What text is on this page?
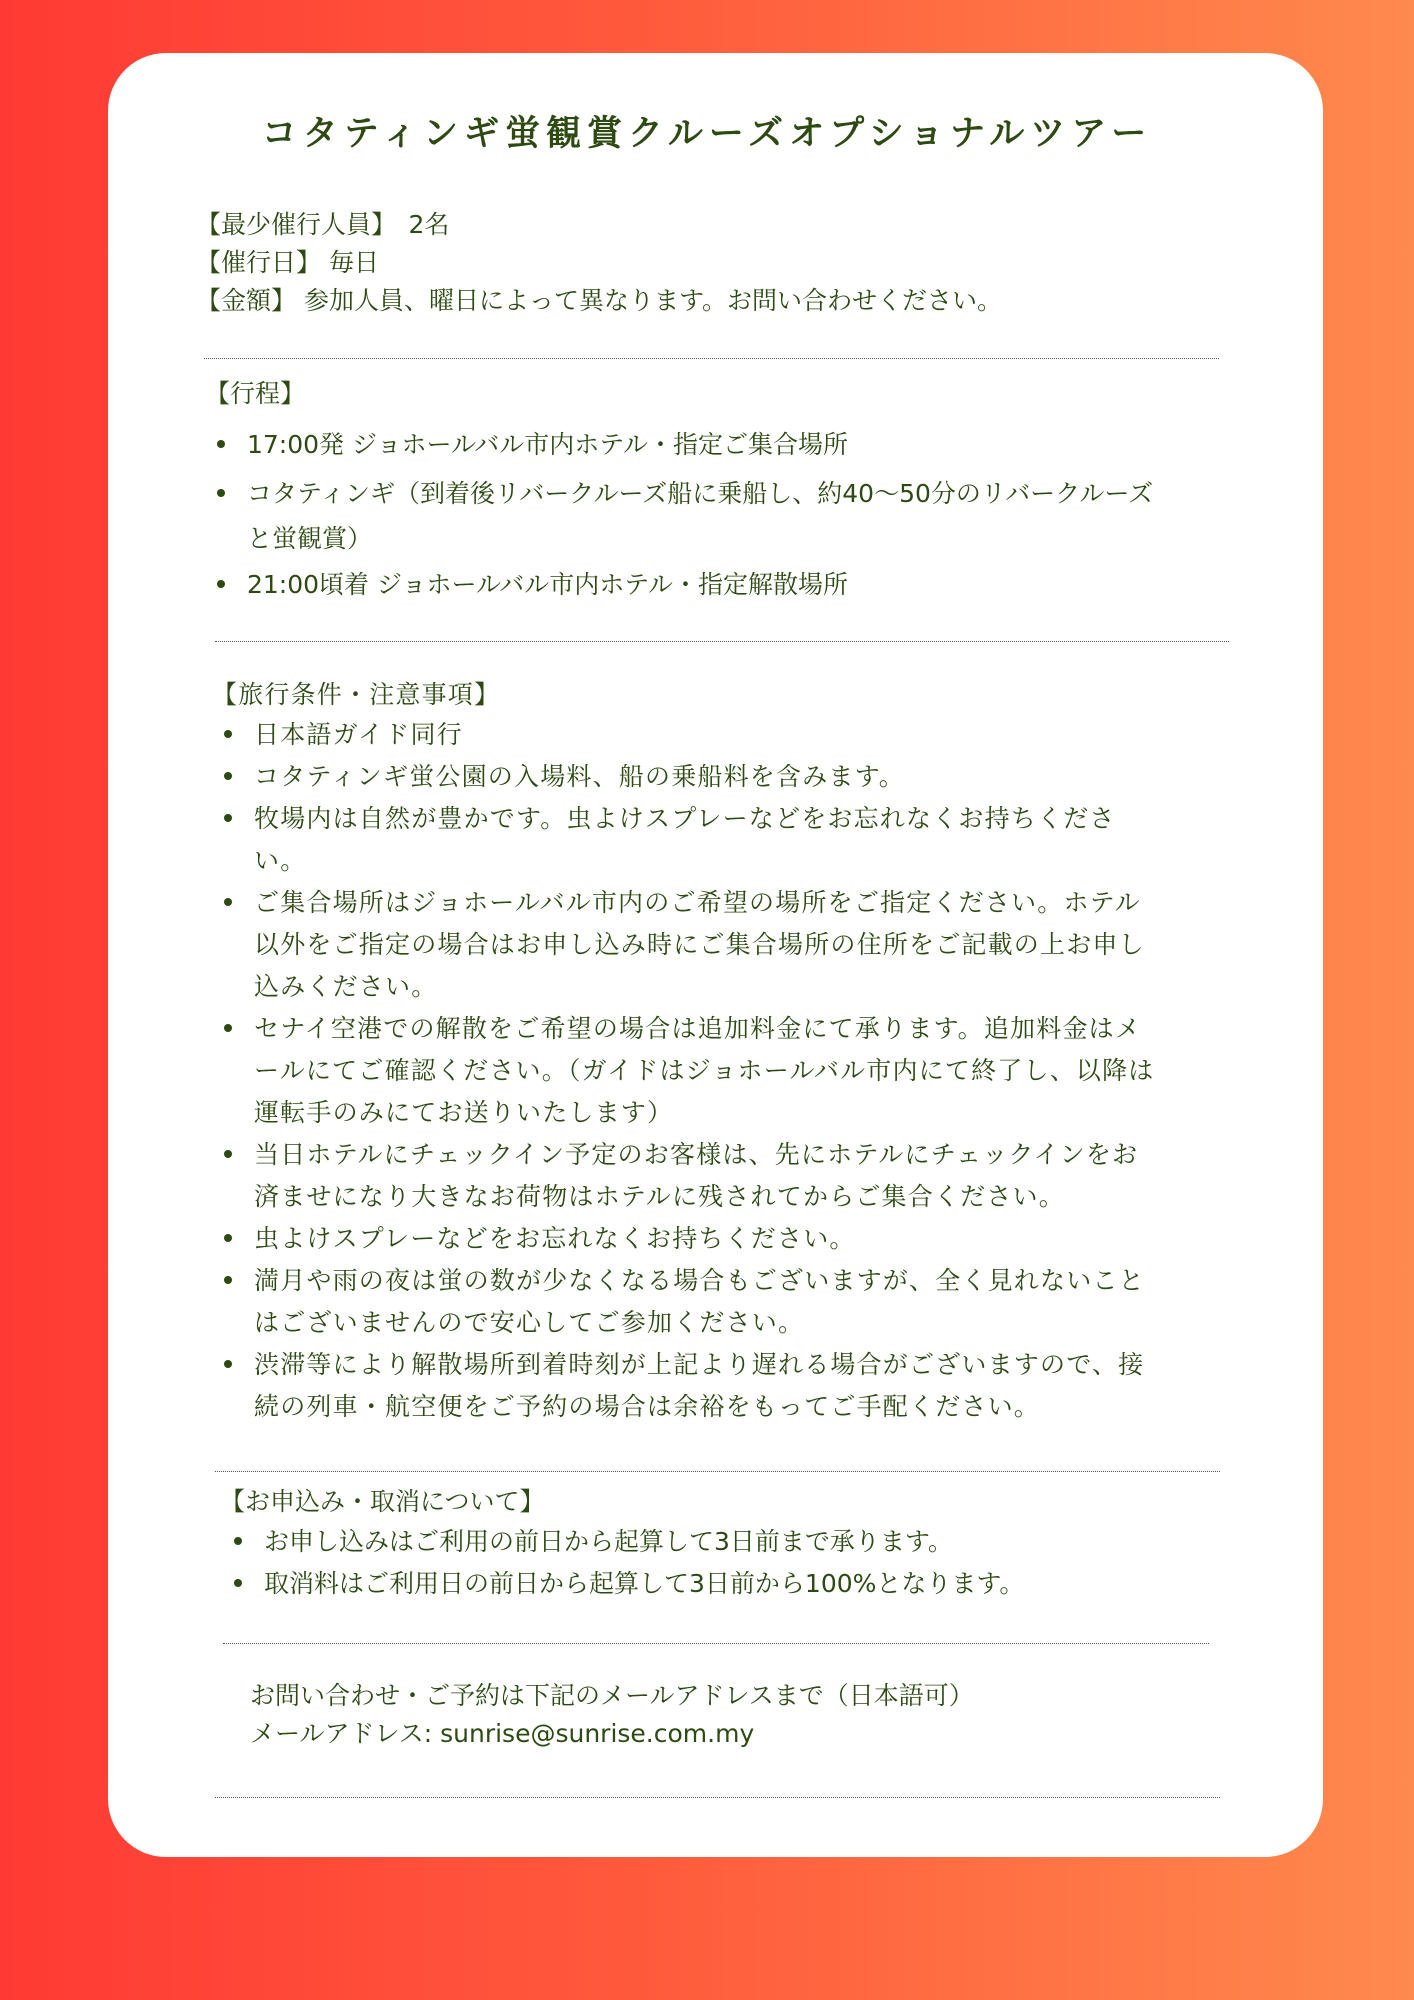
コタティンギ蛍観賞クルーズオプショナルツアー
【最少催行人員】　2名
【催行日】 毎日
【金額】 参加人員、曜日によって異なります。お問い合わせください。
【行程】
17:00発 ジョホールバル市内ホテル・指定ご集合場所
コタティンギ（到着後リバークルーズ船に乗船し、約40～50分のリバークルーズ
と蛍観賞）
21:00頃着 ジョホールバル市内ホテル・指定解散場所
【旅行条件・注意事項】
日本語ガイド同行
コタティンギ蛍公園の入場料、船の乗船料を含みます。
牧場内は自然が豊かです。虫よけスプレーなどをお忘れなくお持ちくださ
い。
ご集合場所はジョホールバル市内のご希望の場所をご指定ください。ホテル
以外をご指定の場合はお申し込み時にご集合場所の住所をご記載の上お申し
込みください。
セナイ空港での解散をご希望の場合は追加料金にて承ります。追加料金はメ
ールにてご確認ください。（ガイドはジョホールバル市内にて終了し、以降は
運転手のみにてお送りいたします）
当日ホテルにチェックイン予定のお客様は、先にホテルにチェックインをお
済ませになり大きなお荷物はホテルに残されてからご集合ください。
虫よけスプレーなどをお忘れなくお持ちください。
満月や雨の夜は蛍の数が少なくなる場合もございますが、全く見れないこと
はございませんので安心してご参加ください。
渋滞等により解散場所到着時刻が上記より遅れる場合がございますので、接
続の列車・航空便をご予約の場合は余裕をもってご手配ください。
【お申込み・取消について】
お申し込みはご利用の前日から起算して3日前まで承ります。
取消料はご利用日の前日から起算して3日前から100%となります。
お問い合わせ・ご予約は下記のメールアドレスまで（日本語可）
メールアドレス: sunrise@sunrise.com.my
